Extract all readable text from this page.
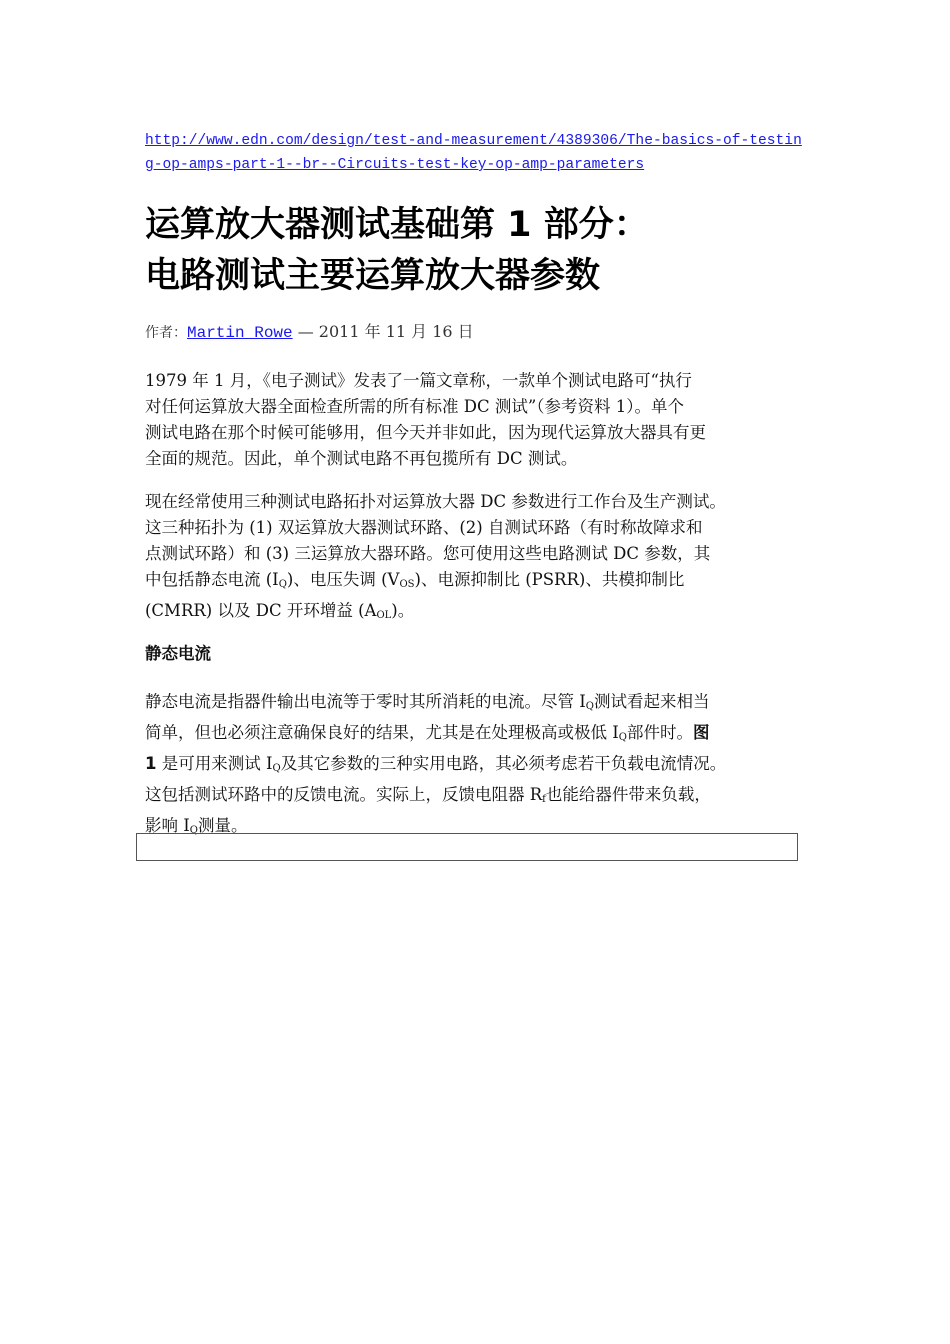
http://www.edn.com/design/test-and-measurement/4389306/The-basics-of-testing-op-amps-part-1--br--Circuits-test-key-op-amp-parameters
运算放大器测试基础第 1 部分：
电路测试主要运算放大器参数
作者：Martin Rowe — 2011 年 11 月 16 日

1979 年 1 月，《电子测试》发表了一篇文章称，一款单个测试电路可“执行
对任何运算放大器全面检查所需的所有标准 DC 测试”（参考资料 1）。单个
测试电路在那个时候可能够用，但今天并非如此，因为现代运算放大器具有更
全面的规范。因此，单个测试电路不再包揽所有 DC 测试。

现在经常使用三种测试电路拓扑对运算放大器 DC 参数进行工作台及生产测试。
这三种拓扑为 (1) 双运算放大器测试环路、(2) 自测试环路（有时称故障求和
点测试环路）和 (3) 三运算放大器环路。您可使用这些电路测试 DC 参数，其
中包括静态电流 $(I_Q)$、电压失调 $(V_{OS})$、电源抑制比 (PSRR)、共模抑制比
(CMRR) 以及 DC 开环增益 $(A_{OL})$。

静态电流

静态电流是指器件输出电流等于零时其所消耗的电流。尽管 $I_Q$测试看起来相当
简单，但也必须注意确保良好的结果，尤其是在处理极高或极低 $I_Q$部件时。图
1 是可用来测试 $I_Q$及其它参数的三种实用电路，其必须考虑若干负载电流情况。
这包括测试环路中的反馈电流。实际上，反馈电阻器 $R_f$也能给器件带来负载，
影响 $I_Q$测量。
